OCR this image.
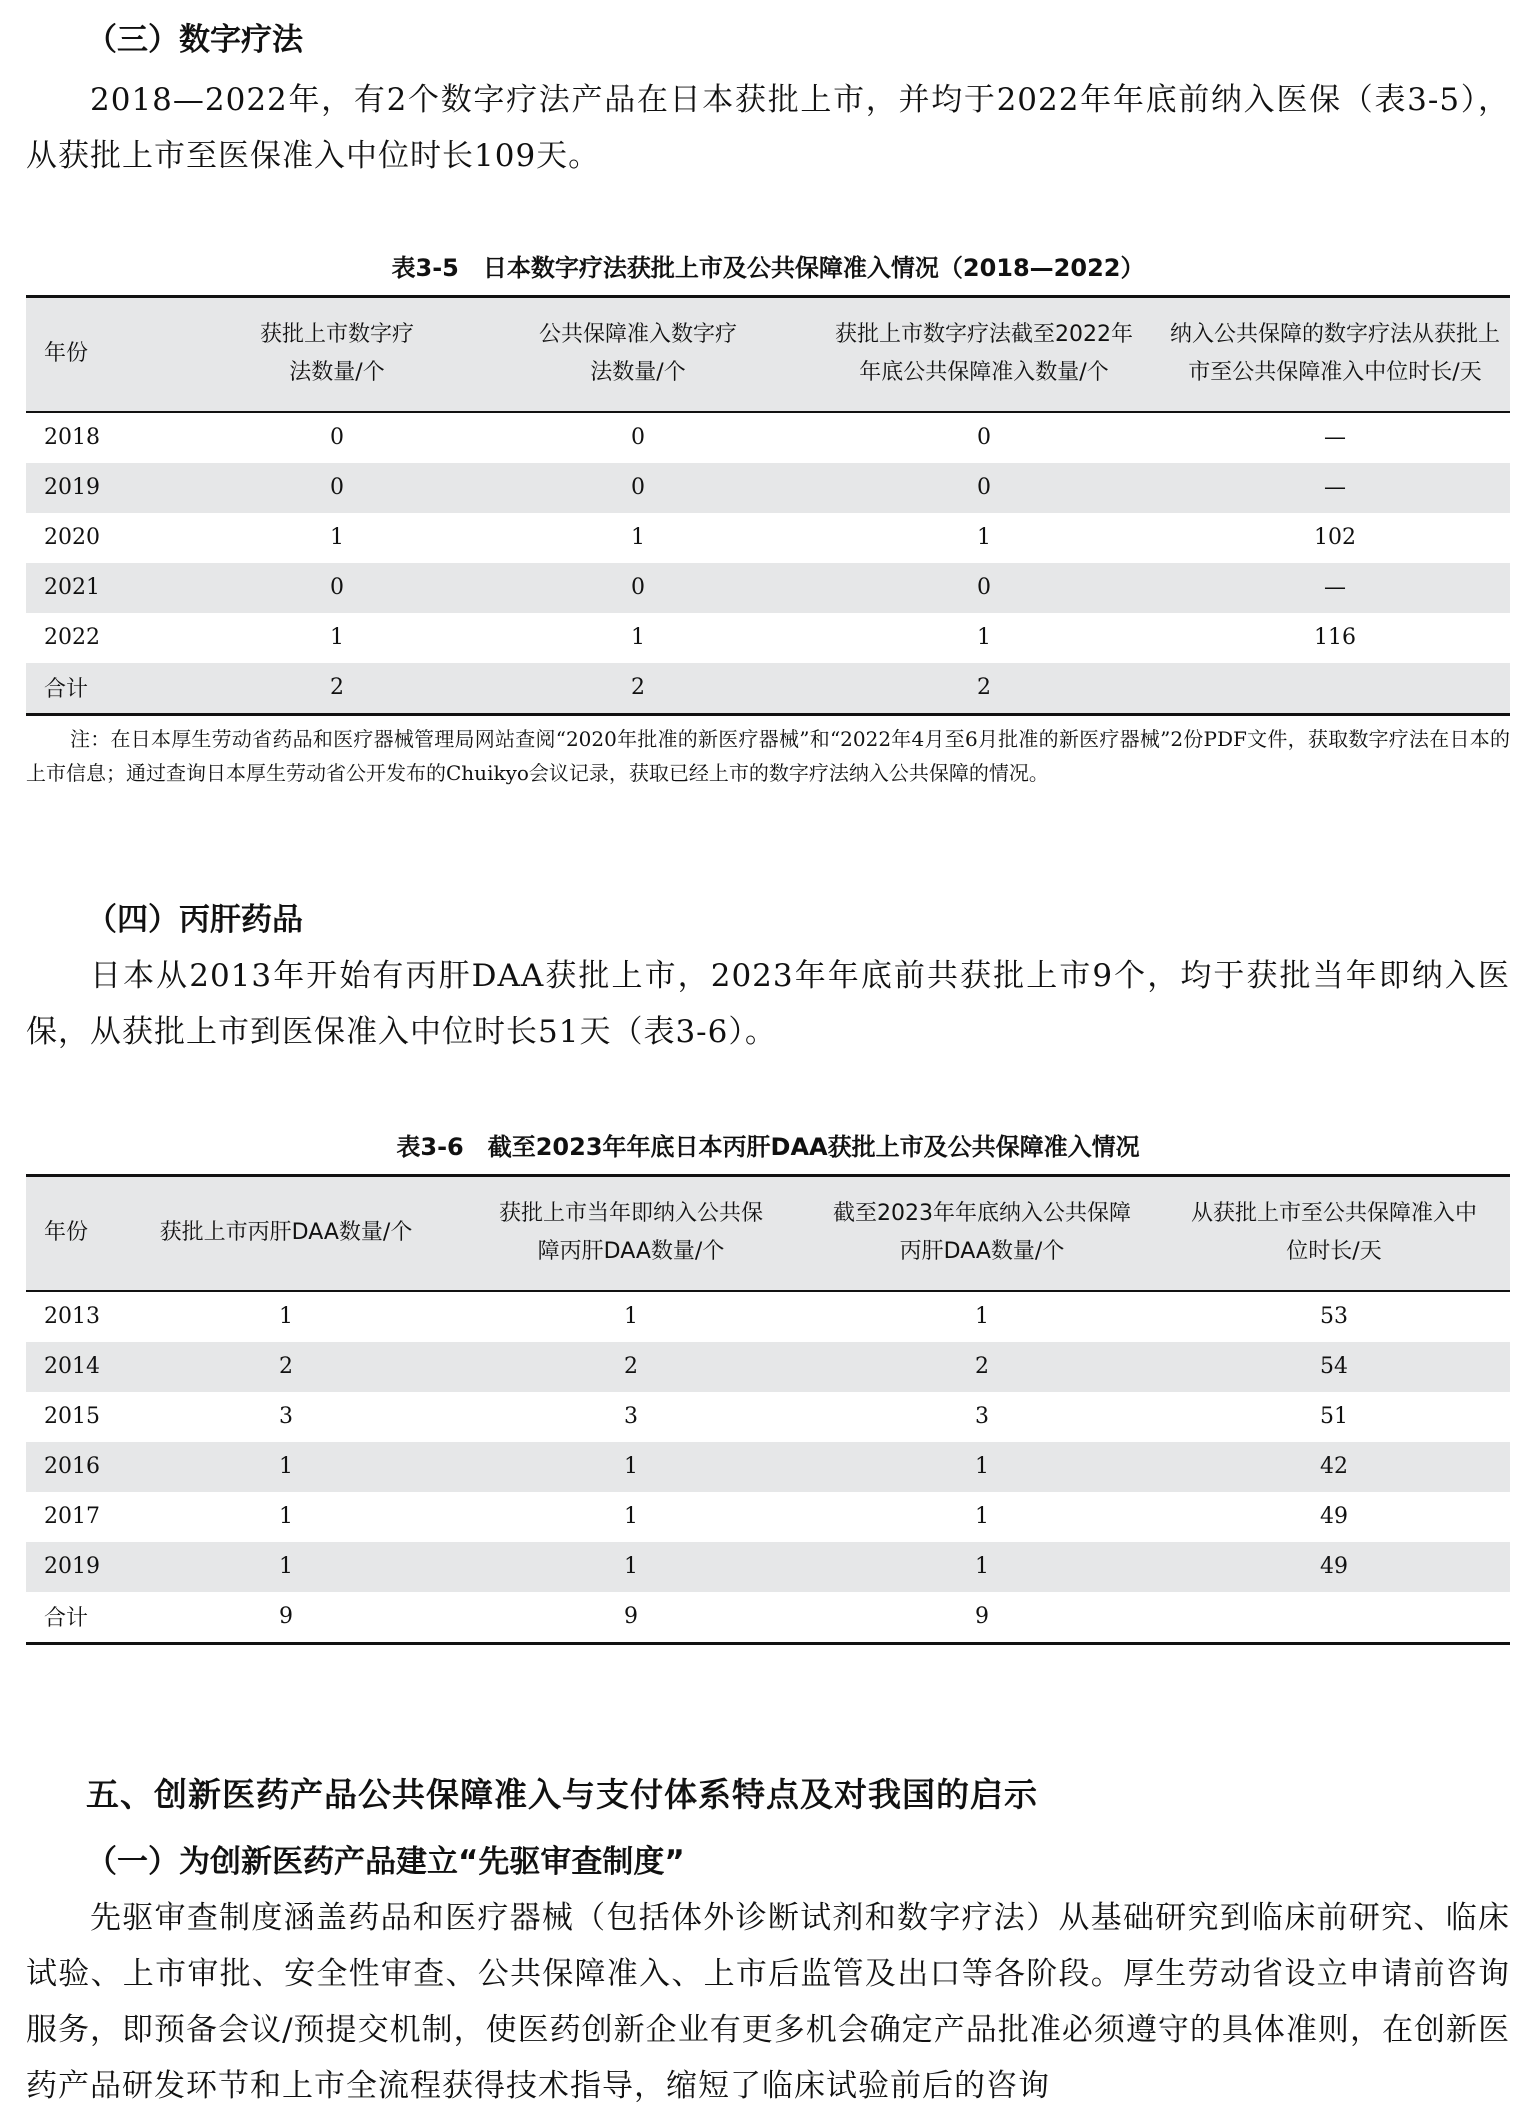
（三）数字疗法

2018—2022年，有2个数字疗法产品在日本获批上市，并均于2022年年底前纳入医保（表3-5），从获批上市至医保准入中位时长109天。

表3-5　日本数字疗法获批上市及公共保障准入情况（2018—2022）

年份	获批上市数字疗法数量/个	公共保障准入数字疗法数量/个	获批上市数字疗法截至2022年年底公共保障准入数量/个	纳入公共保障的数字疗法从获批上市至公共保障准入中位时长/天
2018	0	0	0	—
2019	0	0	0	—
2020	1	1	1	102
2021	0	0	0	—
2022	1	1	1	116
合计	2	2	2	

注：在日本厚生劳动省药品和医疗器械管理局网站查阅“2020年批准的新医疗器械”和“2022年4月至6月批准的新医疗器械”2份PDF文件，获取数字疗法在日本的上市信息；通过查询日本厚生劳动省公开发布的Chuikyo会议记录，获取已经上市的数字疗法纳入公共保障的情况。

（四）丙肝药品

日本从2013年开始有丙肝DAA获批上市，2023年年底前共获批上市9个，均于获批当年即纳入医保，从获批上市到医保准入中位时长51天（表3-6）。

表3-6　截至2023年年底日本丙肝DAA获批上市及公共保障准入情况

年份	获批上市丙肝DAA数量/个	获批上市当年即纳入公共保障丙肝DAA数量/个	截至2023年年底纳入公共保障丙肝DAA数量/个	从获批上市至公共保障准入中位时长/天
2013	1	1	1	53
2014	2	2	2	54
2015	3	3	3	51
2016	1	1	1	42
2017	1	1	1	49
2019	1	1	1	49
合计	9	9	9	
五、创新医药产品公共保障准入与支付体系特点及对我国的启示
（一）为创新医药产品建立“先驱审查制度”

先驱审查制度涵盖药品和医疗器械（包括体外诊断试剂和数字疗法）从基础研究到临床前研究、临床试验、上市审批、安全性审查、公共保障准入、上市后监管及出口等各阶段。厚生劳动省设立申请前咨询服务，即预备会议/预提交机制，使医药创新企业有更多机会确定产品批准必须遵守的具体准则，在创新医药产品研发环节和上市全流程获得技术指导，缩短了临床试验前后的咨询
